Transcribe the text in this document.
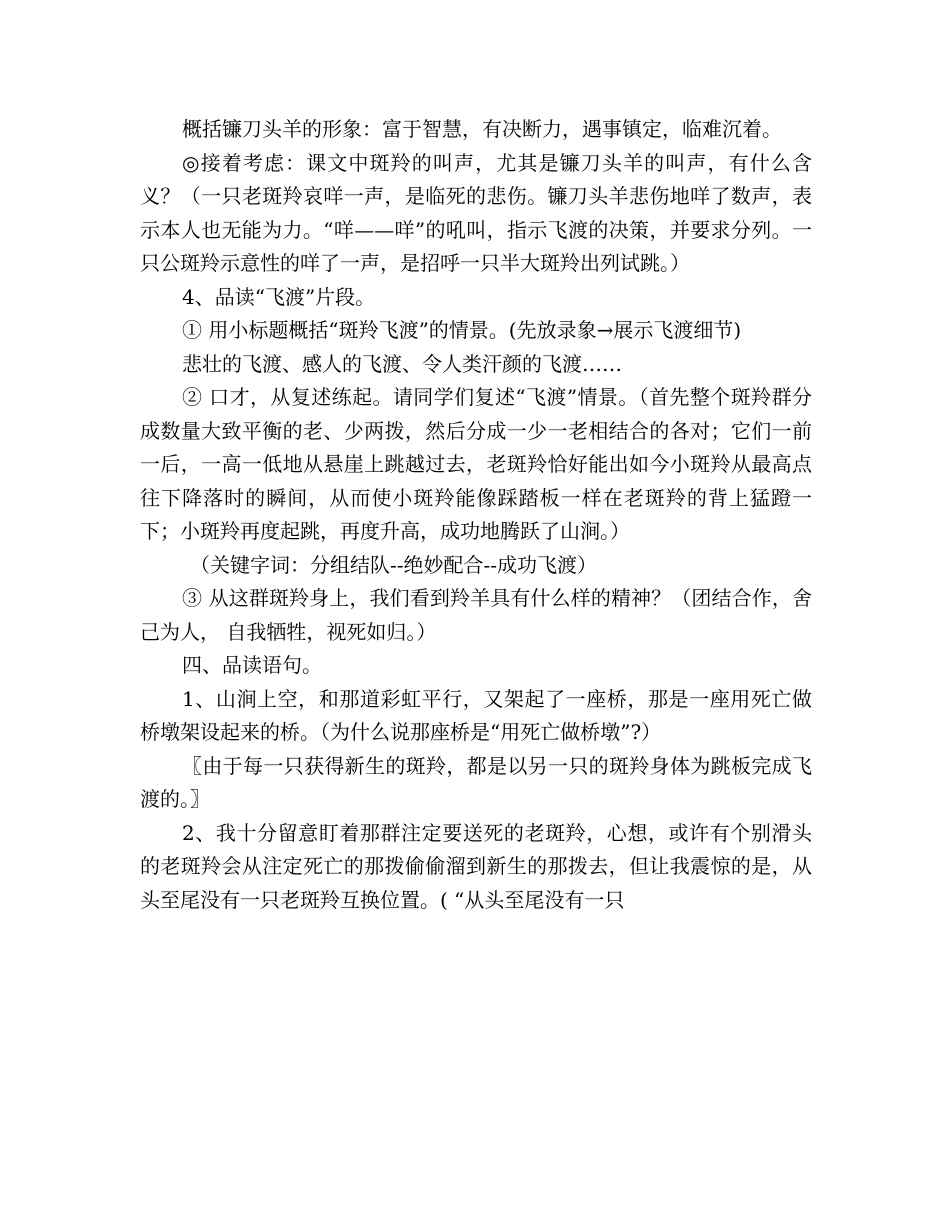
概括镰刀头羊的形象：富于智慧，有决断力，遇事镇定，临难沉着。

◎接着考虑：课文中斑羚的叫声，尤其是镰刀头羊的叫声，有什么含义？（一只老斑羚哀咩一声，是临死的悲伤。镰刀头羊悲伤地咩了数声，表示本人也无能为力。“咩——咩”的吼叫，指示飞渡的决策，并要求分列。一只公斑羚示意性的咩了一声，是招呼一只半大斑羚出列试跳。）

4、品读“飞渡”片段。

① 用小标题概括“斑羚飞渡”的情景。(先放录象→展示飞渡细节)

悲壮的飞渡、感人的飞渡、令人类汗颜的飞渡……

② 口才，从复述练起。请同学们复述“飞渡”情景。（首先整个斑羚群分成数量大致平衡的老、少两拨，然后分成一少一老相结合的各对；它们一前一后，一高一低地从悬崖上跳越过去，老斑羚恰好能出如今小斑羚从最高点往下降落时的瞬间，从而使小斑羚能像踩踏板一样在老斑羚的背上猛蹬一下；小斑羚再度起跳，再度升高，成功地腾跃了山涧。）

（关键字词：分组结队--绝妙配合--成功飞渡）

③ 从这群斑羚身上，我们看到羚羊具有什么样的精神？（团结合作，舍己为人， 自我牺牲，视死如归。）

四、品读语句。

1、山涧上空，和那道彩虹平行，又架起了一座桥，那是一座用死亡做桥墩架设起来的桥。（为什么说那座桥是“用死亡做桥墩”?）

〖由于每一只获得新生的斑羚，都是以另一只的斑羚身体为跳板完成飞渡的。〗

2、我十分留意盯着那群注定要送死的老斑羚，心想，或许有个别滑头的老斑羚会从注定死亡的那拨偷偷溜到新生的那拨去，但让我震惊的是，从头至尾没有一只老斑羚互换位置。( “从头至尾没有一只
